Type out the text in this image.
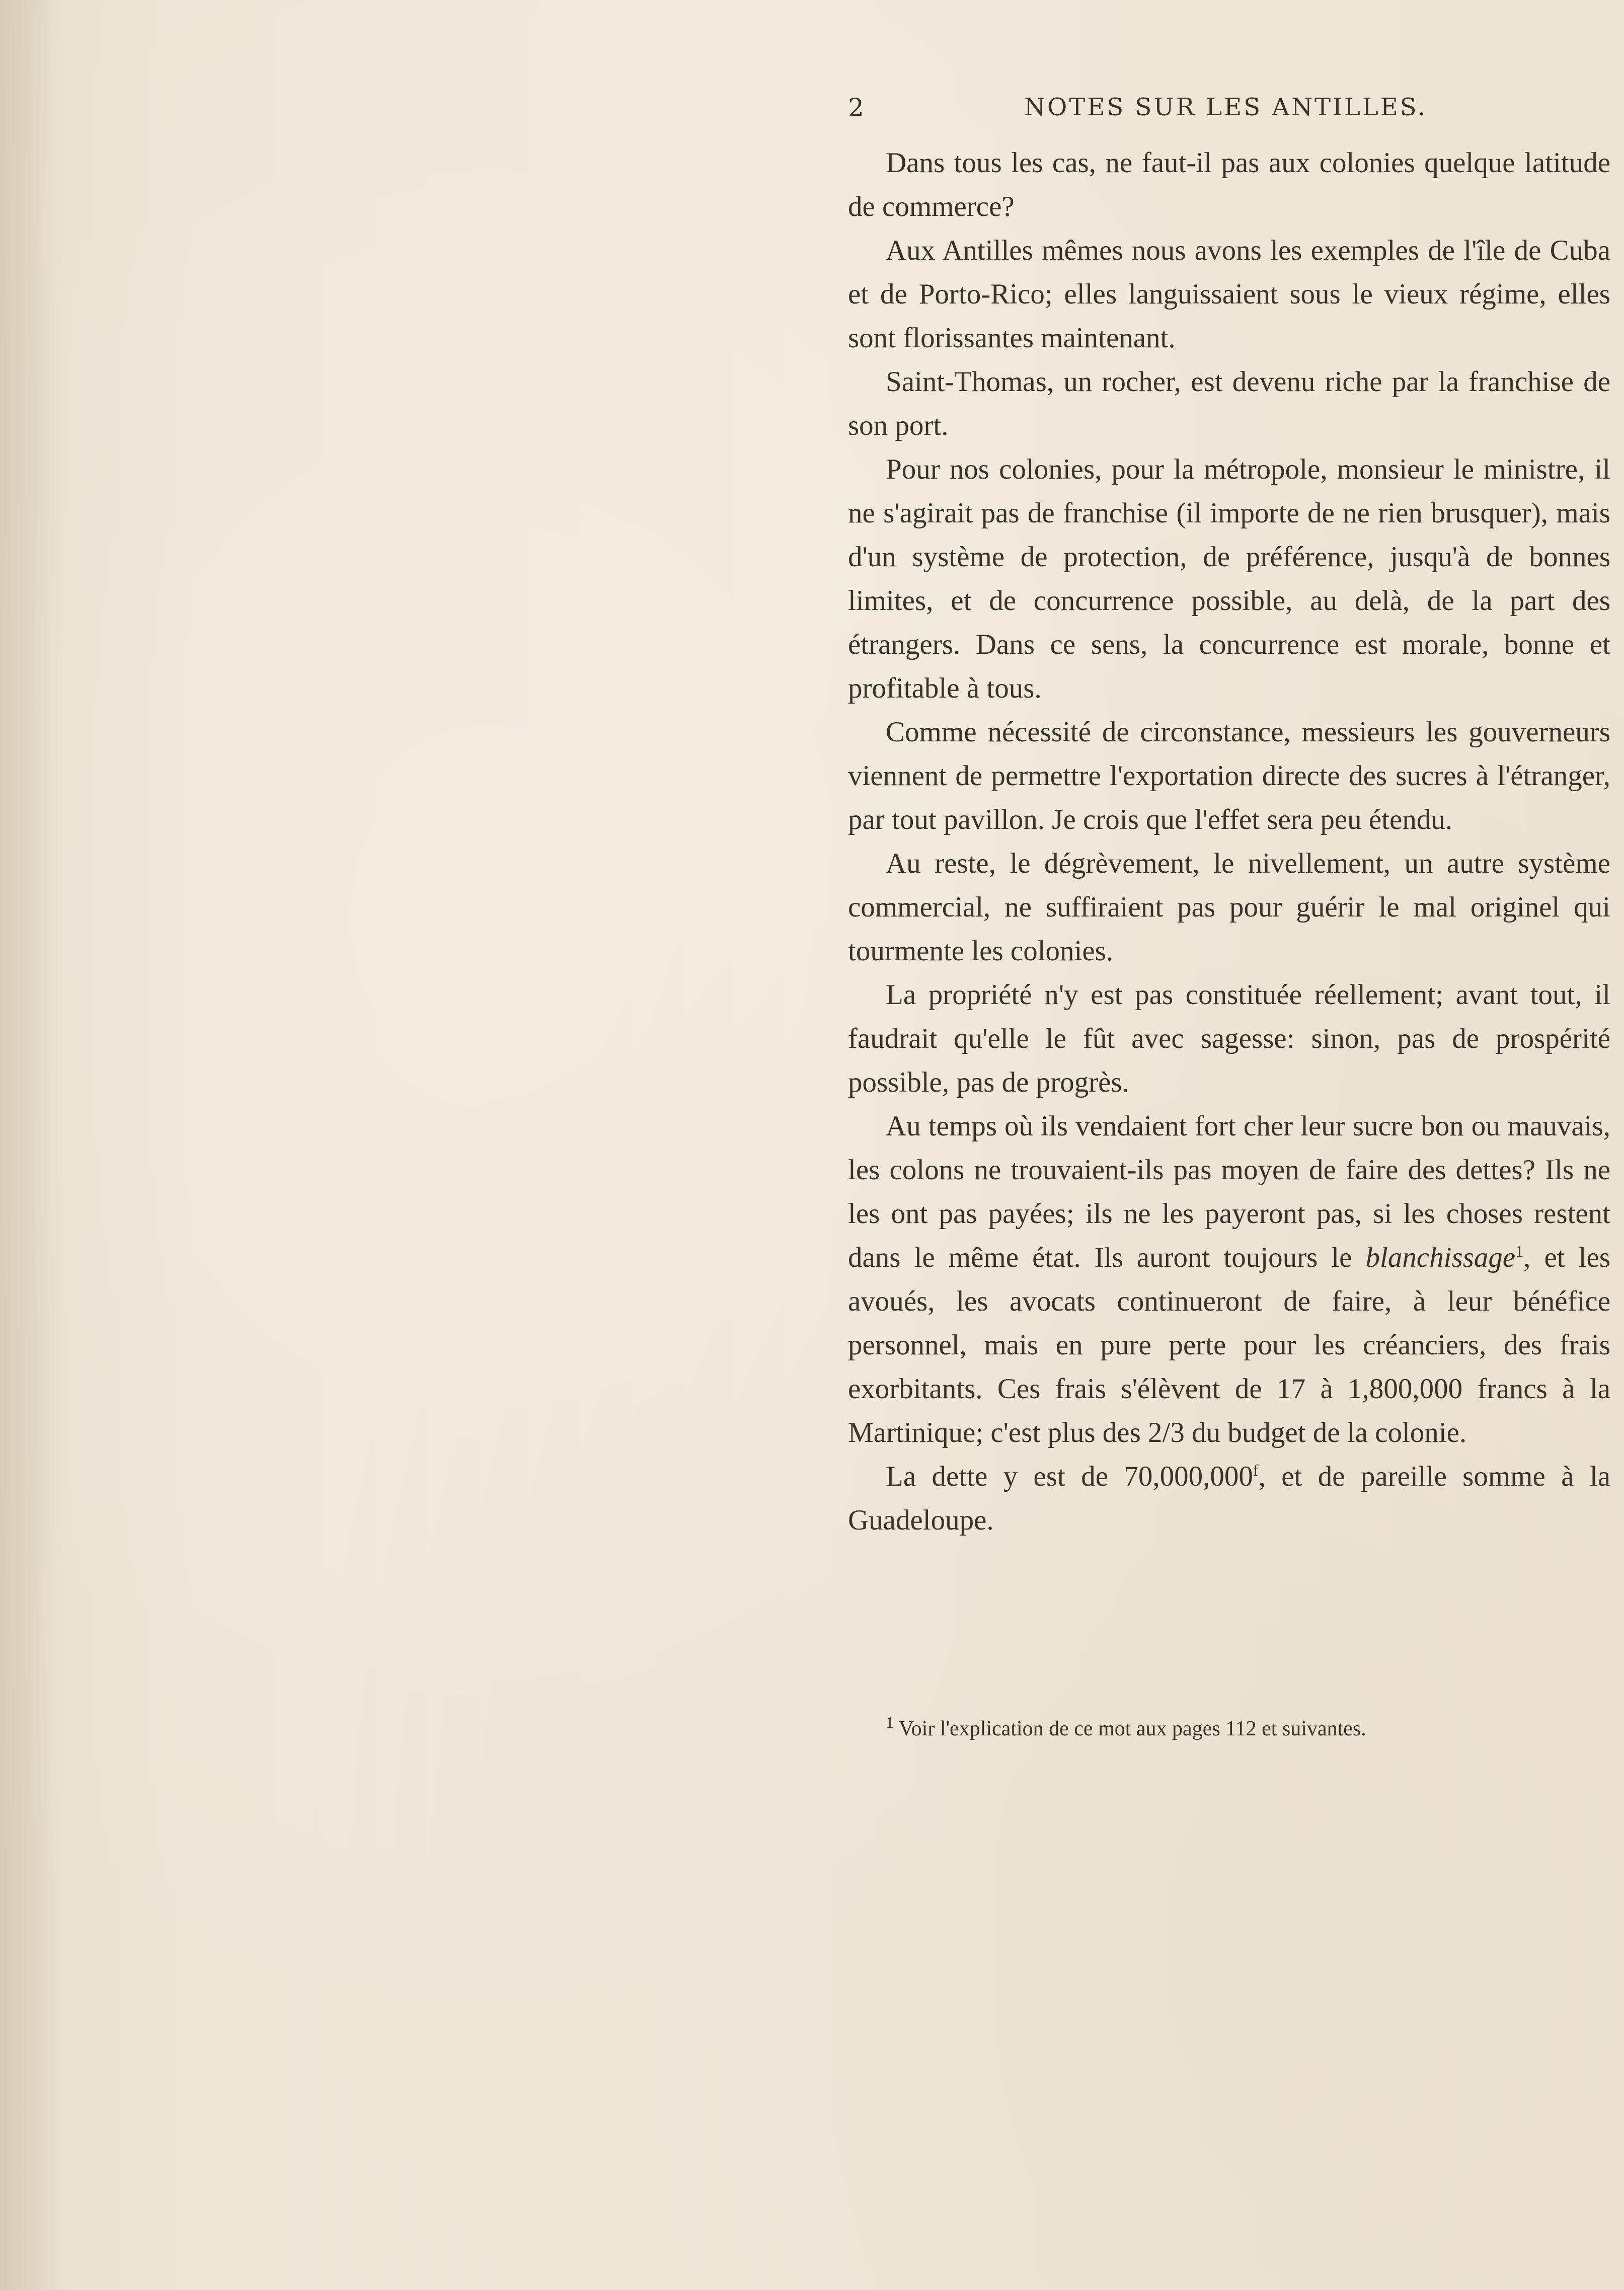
2	NOTES SUR LES ANTILLES.

Dans tous les cas, ne faut-il pas aux colonies quelque latitude de commerce?

Aux Antilles mêmes nous avons les exemples de l'île de Cuba et de Porto-Rico; elles languissaient sous le vieux régime, elles sont florissantes maintenant.

Saint-Thomas, un rocher, est devenu riche par la franchise de son port.

Pour nos colonies, pour la métropole, monsieur le ministre, il ne s'agirait pas de franchise (il importe de ne rien brusquer), mais d'un système de protection, de préférence, jusqu'à de bonnes limites, et de concurrence possible, au delà, de la part des étrangers. Dans ce sens, la concurrence est morale, bonne et profitable à tous.

Comme nécessité de circonstance, messieurs les gouverneurs viennent de permettre l'exportation directe des sucres à l'étranger, par tout pavillon. Je crois que l'effet sera peu étendu.

Au reste, le dégrèvement, le nivellement, un autre système commercial, ne suffiraient pas pour guérir le mal originel qui tourmente les colonies.

La propriété n'y est pas constituée réellement; avant tout, il faudrait qu'elle le fût avec sagesse: sinon, pas de prospérité possible, pas de progrès.

Au temps où ils vendaient fort cher leur sucre bon ou mauvais, les colons ne trouvaient-ils pas moyen de faire des dettes? Ils ne les ont pas payées; ils ne les payeront pas, si les choses restent dans le même état. Ils auront toujours le blanchissage$^1$, et les avoués, les avocats continueront de faire, à leur bénéfice personnel, mais en pure perte pour les créanciers, des frais exorbitants. Ces frais s'élèvent de 17 à 1,800,000 francs à la Martinique; c'est plus des 2/3 du budget de la colonie.

La dette y est de 70,000,000$^f$, et de pareille somme à la Guadeloupe.

$^1$ Voir l'explication de ce mot aux pages 112 et suivantes.
